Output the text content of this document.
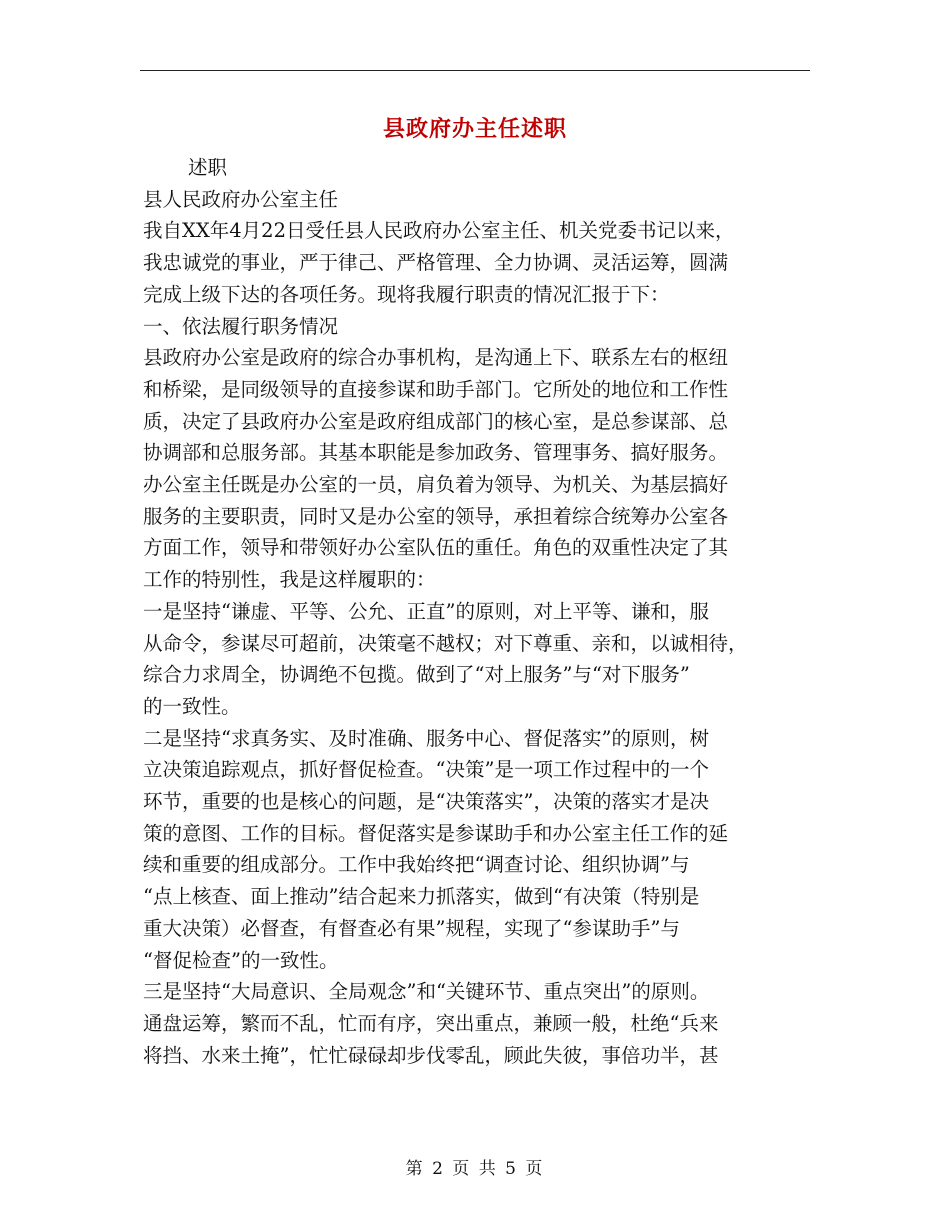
县政府办主任述职

述职

县人民政府办公室主任

我自XX年4月22日受任县人民政府办公室主任、机关党委书记以来，

我忠诚党的事业，严于律己、严格管理、全力协调、灵活运筹，圆满

完成上级下达的各项任务。现将我履行职责的情况汇报于下：

一、依法履行职务情况

县政府办公室是政府的综合办事机构，是沟通上下、联系左右的枢纽

和桥梁，是同级领导的直接参谋和助手部门。它所处的地位和工作性

质，决定了县政府办公室是政府组成部门的核心室，是总参谋部、总

协调部和总服务部。其基本职能是参加政务、管理事务、搞好服务。

办公室主任既是办公室的一员，肩负着为领导、为机关、为基层搞好

服务的主要职责，同时又是办公室的领导，承担着综合统筹办公室各

方面工作，领导和带领好办公室队伍的重任。角色的双重性决定了其

工作的特别性，我是这样履职的：

一是坚持“谦虚、平等、公允、正直”的原则，对上平等、谦和，服

从命令，参谋尽可超前，决策毫不越权；对下尊重、亲和，以诚相待，

综合力求周全，协调绝不包揽。做到了“对上服务”与“对下服务”

的一致性。

二是坚持“求真务实、及时准确、服务中心、督促落实”的原则，树

立决策追踪观点，抓好督促检查。“决策”是一项工作过程中的一个

环节，重要的也是核心的问题，是“决策落实”，决策的落实才是决

策的意图、工作的目标。督促落实是参谋助手和办公室主任工作的延

续和重要的组成部分。工作中我始终把“调查讨论、组织协调”与

“点上核查、面上推动”结合起来力抓落实，做到“有决策（特别是

重大决策）必督查，有督查必有果”规程，实现了“参谋助手”与

“督促检查”的一致性。

三是坚持“大局意识、全局观念”和“关键环节、重点突出”的原则。

通盘运筹，繁而不乱，忙而有序，突出重点，兼顾一般，杜绝“兵来

将挡、水来土掩”，忙忙碌碌却步伐零乱，顾此失彼，事倍功半，甚

第 2 页 共 5 页
